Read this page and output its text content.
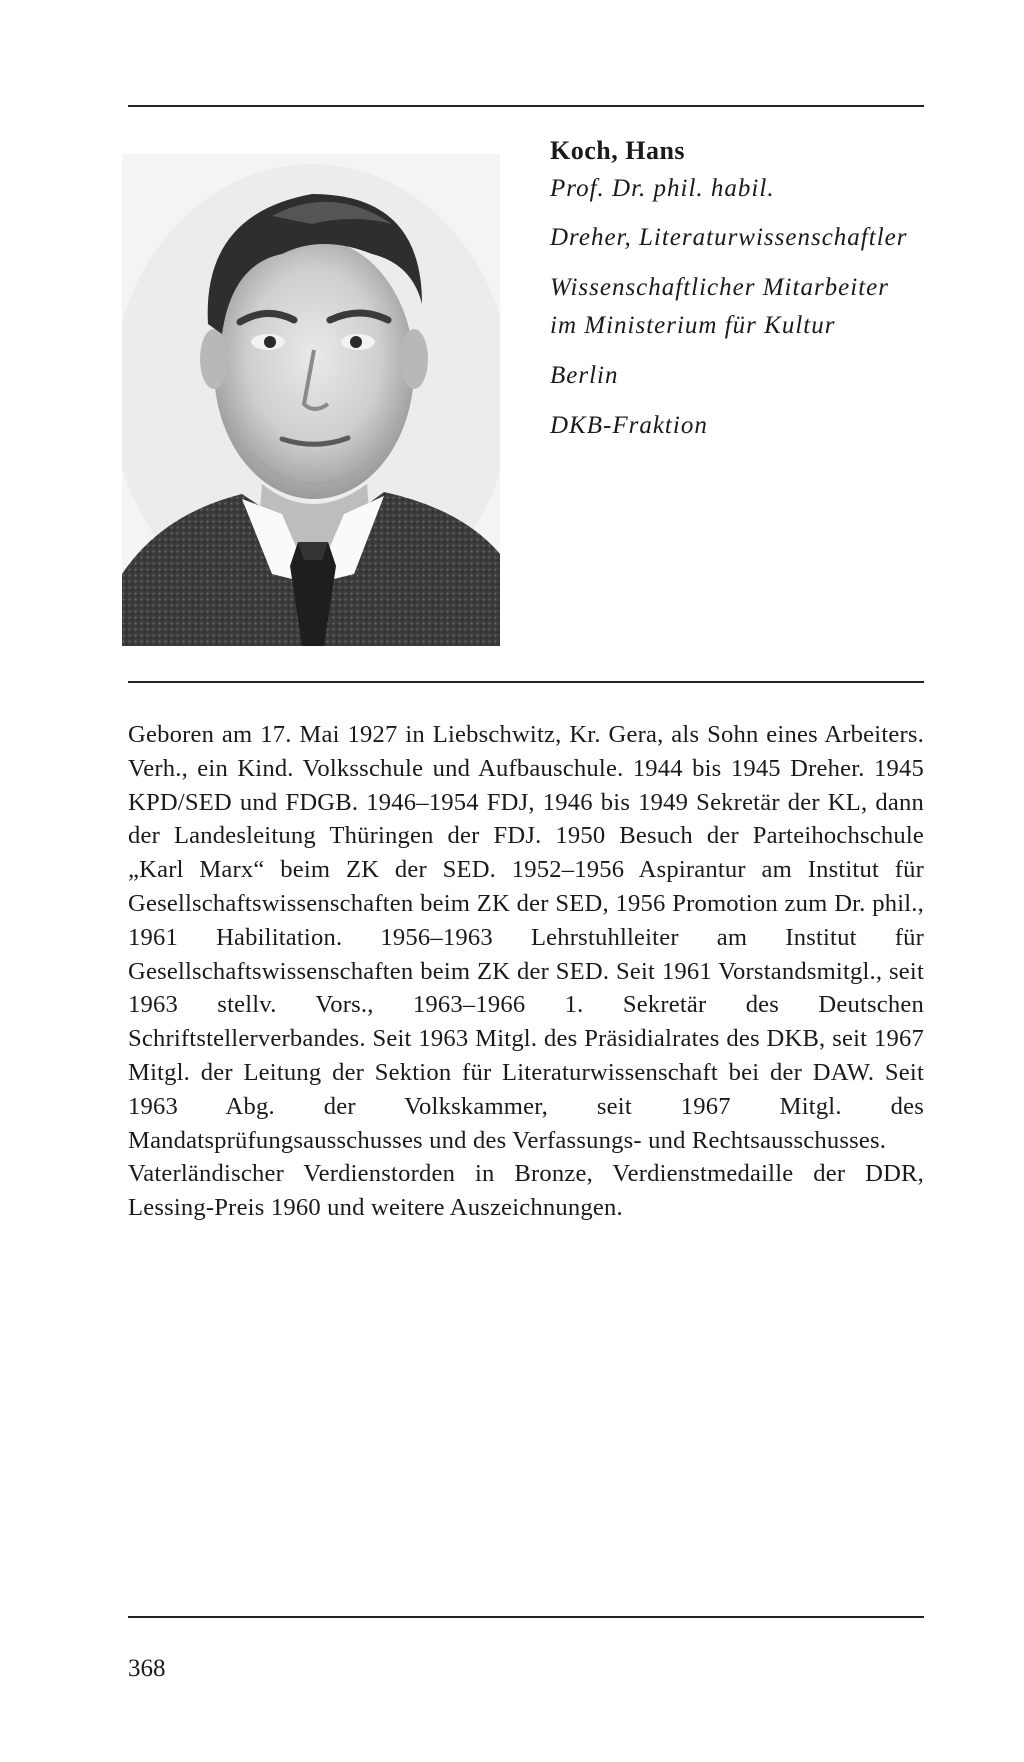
Koch, Hans

Prof. Dr. phil. habil.

Dreher, Literaturwissenschaftler

Wissenschaftlicher Mitarbeiter

im Ministerium für Kultur

Berlin

DKB-Fraktion

Geboren am 17. Mai 1927 in Liebschwitz, Kr. Gera, als Sohn eines Arbeiters. Verh., ein Kind. Volksschule und Aufbauschule. 1944 bis 1945 Dreher. 1945 KPD/SED und FDGB. 1946–1954 FDJ, 1946 bis 1949 Sekretär der KL, dann der Landesleitung Thüringen der FDJ. 1950 Besuch der Parteihochschule „Karl Marx“ beim ZK der SED. 1952–1956 Aspirantur am Institut für Gesellschaftswissenschaften beim ZK der SED, 1956 Promotion zum Dr. phil., 1961 Habilitation. 1956–1963 Lehrstuhlleiter am Institut für Gesellschaftswissenschaften beim ZK der SED. Seit 1961 Vorstandsmitgl., seit 1963 stellv. Vors., 1963–1966 1. Sekretär des Deutschen Schriftstellerverbandes. Seit 1963 Mitgl. des Präsidialrates des DKB, seit 1967 Mitgl. der Leitung der Sektion für Literaturwissenschaft bei der DAW. Seit 1963 Abg. der Volkskammer, seit 1967 Mitgl. des Mandatsprüfungsausschusses und des Verfassungs- und Rechtsausschusses.

Vaterländischer Verdienstorden in Bronze, Verdienstmedaille der DDR, Lessing-Preis 1960 und weitere Auszeichnungen.

368
